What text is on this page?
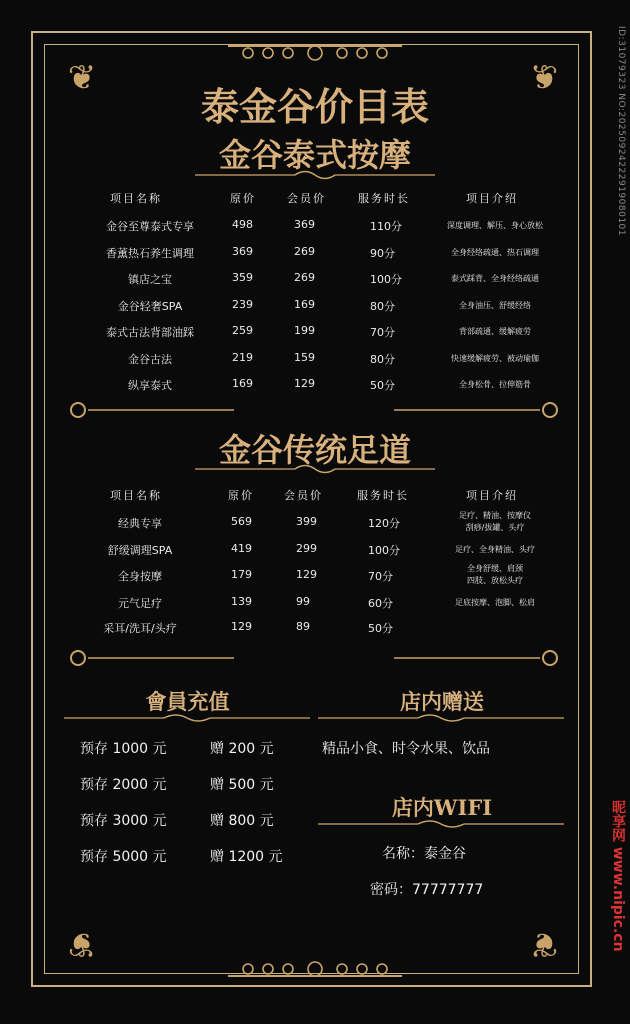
❦	❦
❦	❦
泰金谷价目表
金谷泰式按摩
项目名称	原价	会员价	服务时长	项目介绍
金谷至尊泰式专享	498	369	110分	深度调理、解压、身心放松
香薰热石养生调理	369	269	90分	全身经络疏通、热石调理
镇店之宝	359	269	100分	泰式踩背、全身经络疏通
金谷轻奢SPA	239	169	80分	全身油压、舒缓经络
泰式古法背部油踩	259	199	70分	背部疏通、缓解疲劳
金谷古法	219	159	80分	快速缓解疲劳、被动瑜伽
纵享泰式	169	129	50分	全身松骨、拉伸筋骨
金谷传统足道
项目名称	原价	会员价	服务时长	项目介绍
经典专享	569	399	120分
足疗、精油、按摩仪
刮痧/拔罐、头疗
舒缓调理SPA	419	299	100分	足疗、全身精油、头疗
全身按摩	179	129	70分
全身舒缓、肩颈
四肢、放松头疗
元气足疗	139	99	60分	足底按摩、泡脚、松肩
采耳/洗耳/头疗	129	89	50分
會員充值
预存 1000 元	赠 200 元
预存 2000 元	赠 500 元
预存 3000 元	赠 800 元
预存 5000 元	赠 1200 元
店内赠送
精品小食、时令水果、饮品
店内WIFI
名称：泰金谷
密码：77777777
ID:31079323 NO:20250924222919080101
昵享网 www.nipic.cn
